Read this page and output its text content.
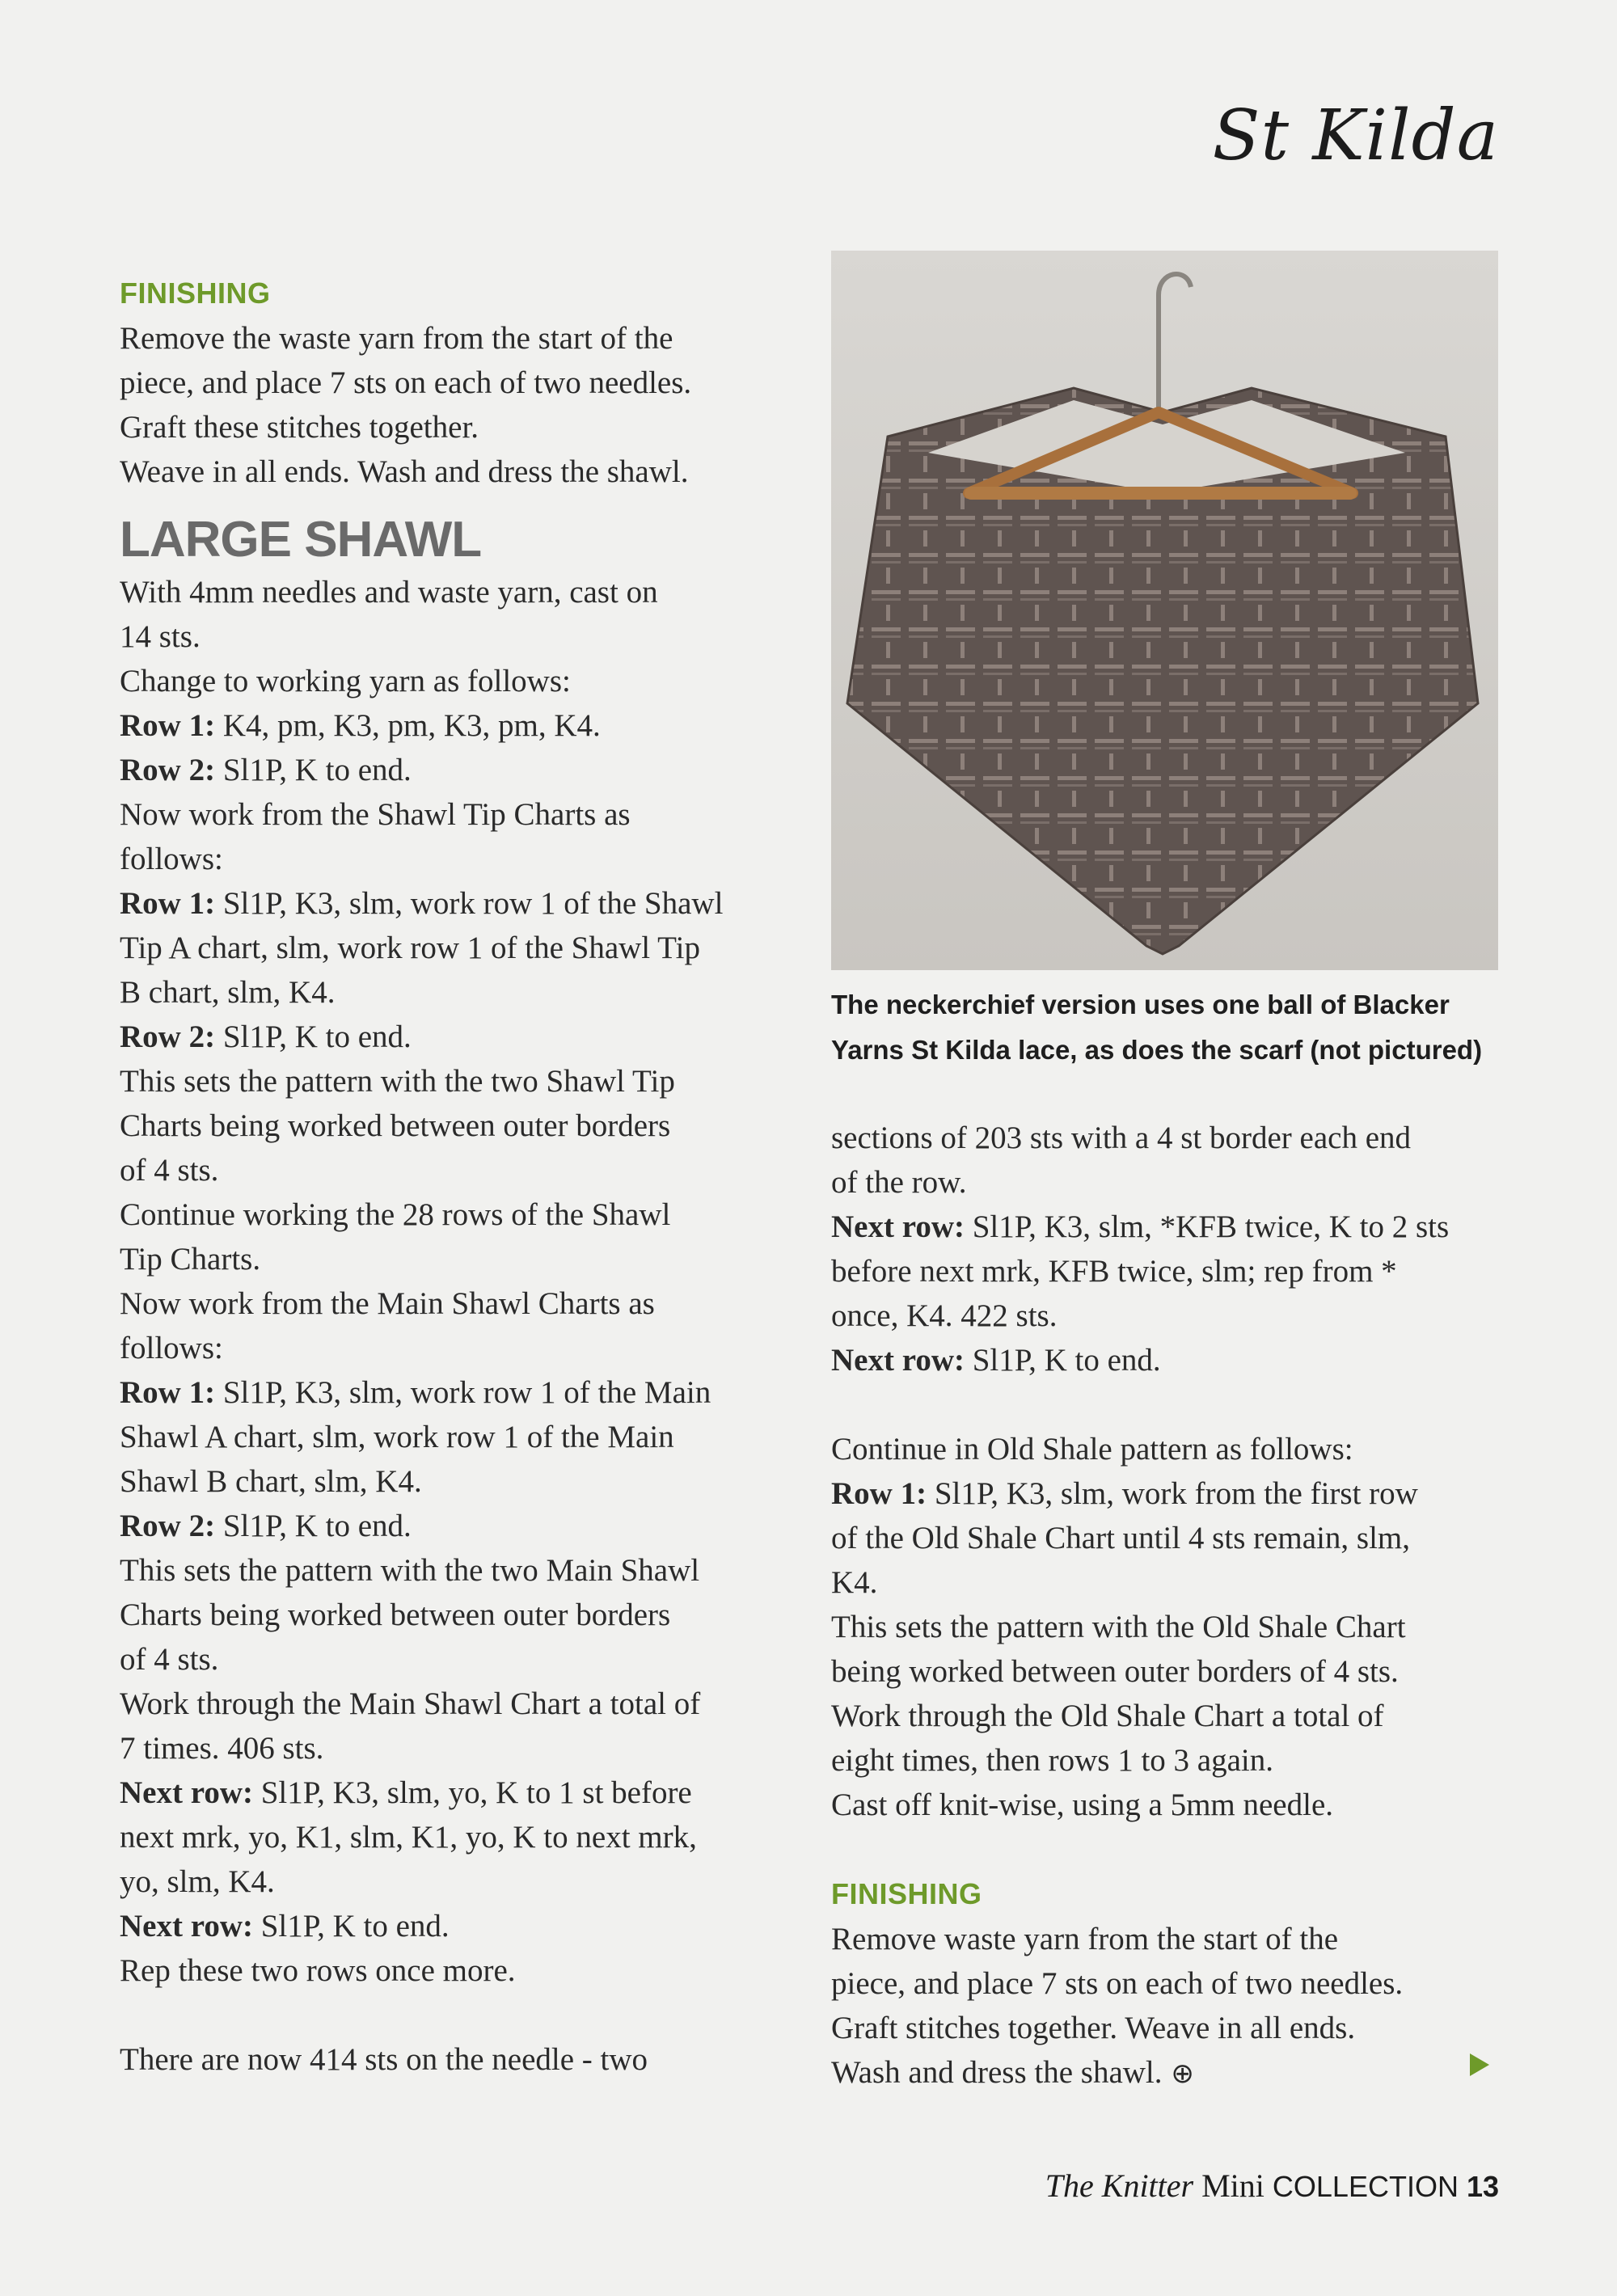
St Kilda
FINISHING

Remove the waste yarn from the start of the

piece, and place 7 sts on each of two needles.

Graft these stitches together.

Weave in all ends. Wash and dress the shawl.

LARGE SHAWL

With 4mm needles and waste yarn, cast on

14 sts.

Change to working yarn as follows:

Row 1: K4, pm, K3, pm, K3, pm, K4.

Row 2: Sl1P, K to end.

Now work from the Shawl Tip Charts as

follows:

Row 1: Sl1P, K3, slm, work row 1 of the Shawl

Tip A chart, slm, work row 1 of the Shawl Tip

B chart, slm, K4.

Row 2: Sl1P, K to end.

This sets the pattern with the two Shawl Tip

Charts being worked between outer borders

of 4 sts.

Continue working the 28 rows of the Shawl

Tip Charts.

Now work from the Main Shawl Charts as

follows:

Row 1: Sl1P, K3, slm, work row 1 of the Main

Shawl A chart, slm, work row 1 of the Main

Shawl B chart, slm, K4.

Row 2: Sl1P, K to end.

This sets the pattern with the two Main Shawl

Charts being worked between outer borders

of 4 sts.

Work through the Main Shawl Chart a total of

7 times. 406 sts.

Next row: Sl1P, K3, slm, yo, K to 1 st before

next mrk, yo, K1, slm, K1, yo, K to next mrk,

yo, slm, K4.

Next row: Sl1P, K to end.

Rep these two rows once more.

There are now 414 sts on the needle - two

The neckerchief version uses one ball of Blacker
Yarns St Kilda lace, as does the scarf (not pictured)

sections of 203 sts with a 4 st border each end

of the row.

Next row: Sl1P, K3, slm, *KFB twice, K to 2 sts

before next mrk, KFB twice, slm; rep from *

once, K4. 422 sts.

Next row: Sl1P, K to end.

Continue in Old Shale pattern as follows:

Row 1: Sl1P, K3, slm, work from the first row

of the Old Shale Chart until 4 sts remain, slm,

K4.

This sets the pattern with the Old Shale Chart

being worked between outer borders of 4 sts.

Work through the Old Shale Chart a total of

eight times, then rows 1 to 3 again.

Cast off knit-wise, using a 5mm needle.

FINISHING

Remove waste yarn from the start of the

piece, and place 7 sts on each of two needles.

Graft stitches together. Weave in all ends.

Wash and dress the shawl. ⊕

The Knitter Mini COLLECTION 13
